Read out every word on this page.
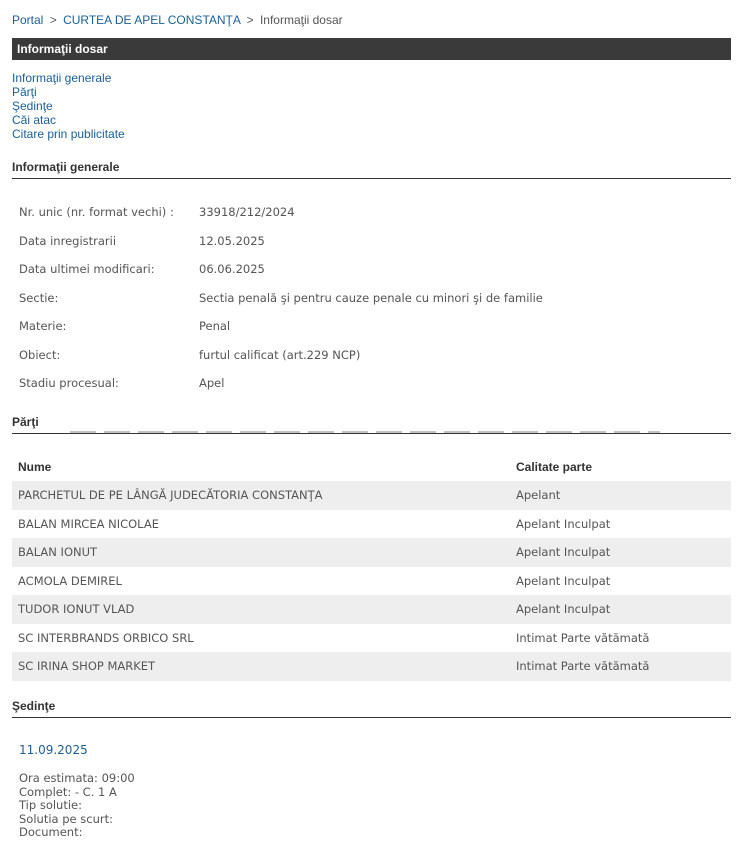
Portal > CURTEA DE APEL CONSTANŢA > Informaţii dosar
Informaţii dosar
Informaţii generale
Părţi
Şedinţe
Căi atac
Citare prin publicitate
Informaţii generale
Nr. unic (nr. format vechi) :	33918/212/2024
Data inregistrarii	12.05.2025
Data ultimei modificari:	06.06.2025
Sectie:	Sectia penală şi pentru cauze penale cu minori şi de familie
Materie:	Penal
Obiect:	furtul calificat (art.229 NCP)
Stadiu procesual:	Apel
Părţi
Nume	Calitate parte
PARCHETUL DE PE LÂNGĂ JUDECĂTORIA CONSTANŢA	Apelant
BALAN MIRCEA NICOLAE	Apelant Inculpat
BALAN IONUT	Apelant Inculpat
ACMOLA DEMIREL	Apelant Inculpat
TUDOR IONUT VLAD	Apelant Inculpat
SC INTERBRANDS ORBICO SRL	Intimat Parte vătămată
SC IRINA SHOP MARKET	Intimat Parte vătămată
Şedinţe
11.09.2025
Ora estimata: 09:00
Complet: - C. 1 A
Tip solutie:
Solutia pe scurt:
Document:
